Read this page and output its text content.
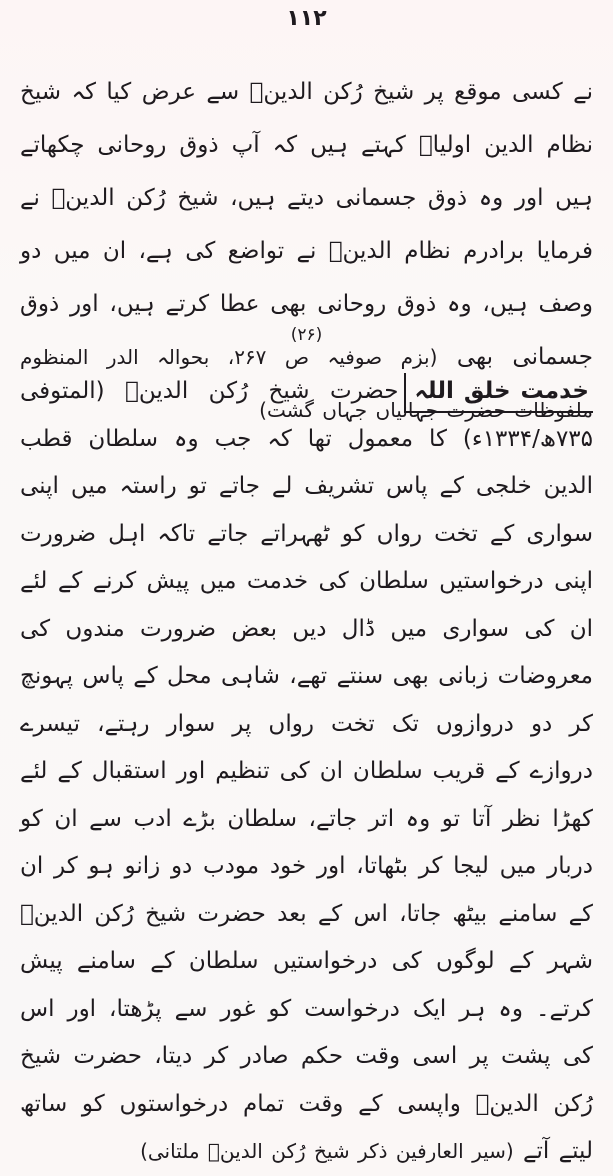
۱۱۲
نے کسی موقع پر شیخ رُکن الدینؒ سے عرض کیا کہ شیخ نظام الدین اولیاؒ کہتے ہیں کہ آپ ذوق روحانی چکھاتے ہیں اور وہ ذوق جسمانی دیتے ہیں، شیخ رُکن الدینؒ نے فرمایا برادرم نظام الدینؒ نے تواضع کی ہے، ان میں دو وصف ہیں، وہ ذوق روحانی بھی عطا کرتے ہیں، اور ذوق جسمانی بھی (بزم صوفیہ ص ۲۶۷، بحوالہ الدر المنظوم ملفوظات حضرت جہانیاں جہاں گشت)
(۲۶)
خدمت خلق اللہحضرت شیخ رُکن الدینؒ (المتوفی ۷۳۵ھ/۱۳۳۴ء) کا معمول تھا کہ جب وہ سلطان قطب الدین خلجی کے پاس تشریف لے جاتے تو راستہ میں اپنی سواری کے تخت رواں کو ٹھہراتے جاتے تاکہ اہل ضرورت اپنی درخواستیں سلطان کی خدمت میں پیش کرنے کے لئے ان کی سواری میں ڈال دیں بعض ضرورت مندوں کی معروضات زبانی بھی سنتے تھے، شاہی محل کے پاس پہونچ کر دو دروازوں تک تخت رواں پر سوار رہتے، تیسرے دروازے کے قریب سلطان ان کی تنظیم اور استقبال کے لئے کھڑا نظر آتا تو وہ اتر جاتے، سلطان بڑے ادب سے ان کو دربار میں لیجا کر بٹھاتا، اور خود مودب دو زانو ہو کر ان کے سامنے بیٹھ جاتا، اس کے بعد حضرت شیخ رُکن الدینؒ شہر کے لوگوں کی درخواستیں سلطان کے سامنے پیش کرتے۔ وہ ہر ایک درخواست کو غور سے پڑھتا، اور اس کی پشت پر اسی وقت حکم صادر کر دیتا، حضرت شیخ رُکن الدینؒ واپسی کے وقت تمام درخواستوں کو ساتھ لیتے آتے (سیر العارفین ذکر شیخ رُکن الدینؒ ملتانی)
